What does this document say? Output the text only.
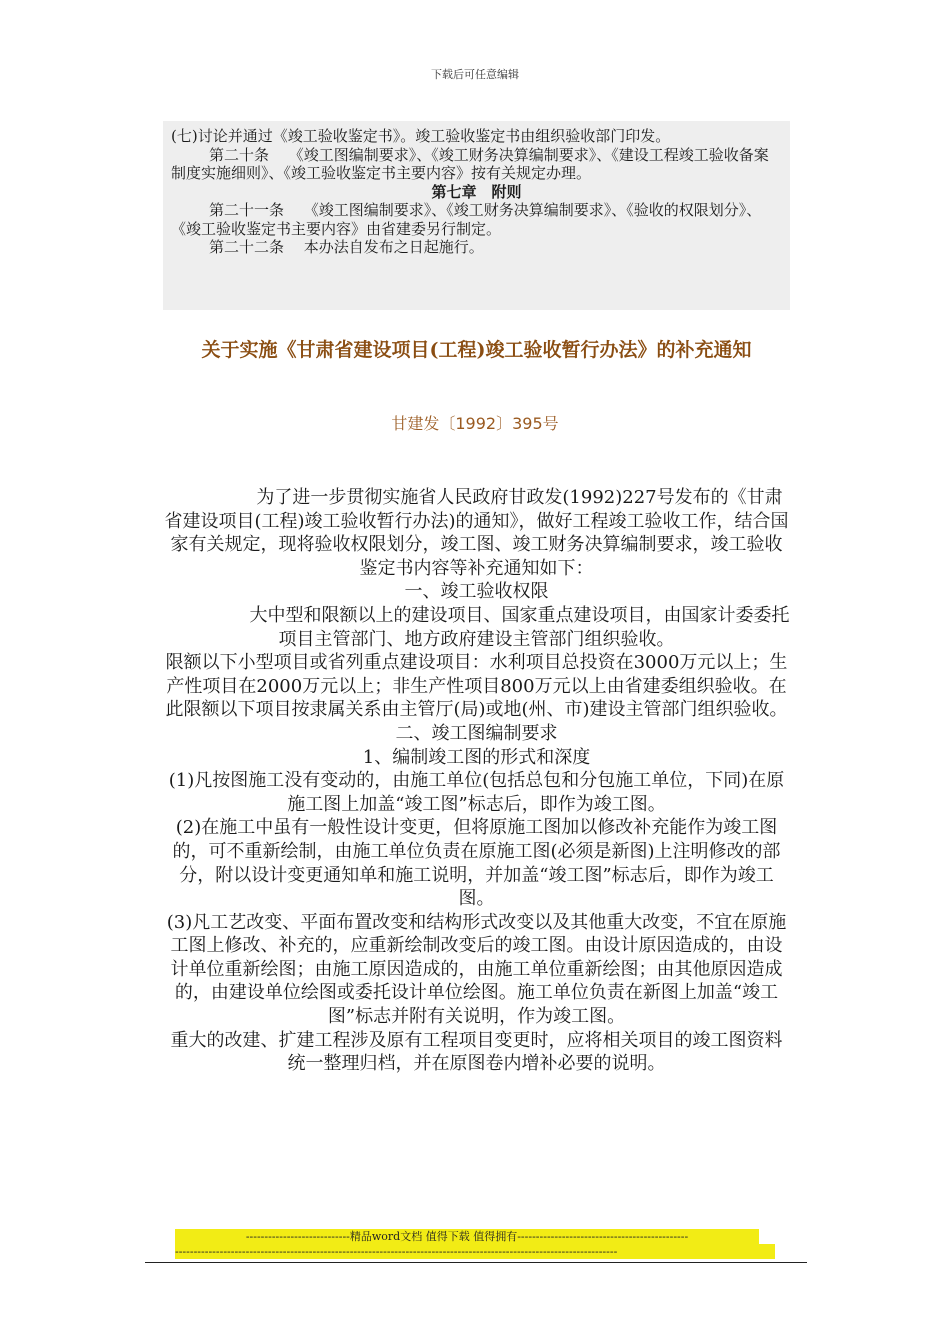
下载后可任意编辑

(七)讨论并通过《竣工验收鉴定书》。竣工验收鉴定书由组织验收部门印发。

第二十条　 《竣工图编制要求》、《竣工财务决算编制要求》、《建设工程竣工验收备案制度实施细则》、《竣工验收鉴定书主要内容》按有关规定办理。

第七章　附则

第二十一条　 《竣工图编制要求》、《竣工财务决算编制要求》、《验收的权限划分》、《竣工验收鉴定书主要内容》由省建委另行制定。

第二十二条　 本办法自发布之日起施行。

关于实施《甘肃省建设项目(工程)竣工验收暂行办法》的补充通知
甘建发〔1992〕395号

为了进一步贯彻实施省人民政府甘政发(1992)227号发布的《甘肃省建设项目(工程)竣工验收暂行办法)的通知》，做好工程竣工验收工作，结合国家有关规定，现将验收权限划分，竣工图、竣工财务决算编制要求，竣工验收鉴定书内容等补充通知如下：

一、竣工验收权限

大中型和限额以上的建设项目、国家重点建设项目，由国家计委委托项目主管部门、地方政府建设主管部门组织验收。

限额以下小型项目或省列重点建设项目：水利项目总投资在3000万元以上；生产性项目在2000万元以上；非生产性项目800万元以上由省建委组织验收。在此限额以下项目按隶属关系由主管厅(局)或地(州、市)建设主管部门组织验收。

二、竣工图编制要求

1、编制竣工图的形式和深度

(1)凡按图施工没有变动的，由施工单位(包括总包和分包施工单位，下同)在原施工图上加盖“竣工图”标志后，即作为竣工图。

(2)在施工中虽有一般性设计变更，但将原施工图加以修改补充能作为竣工图的，可不重新绘制，由施工单位负责在原施工图(必须是新图)上注明修改的部分，附以设计变更通知单和施工说明，并加盖“竣工图”标志后，即作为竣工图。

(3)凡工艺改变、平面布置改变和结构形式改变以及其他重大改变，不宜在原施工图上修改、补充的，应重新绘制改变后的竣工图。由设计原因造成的，由设计单位重新绘图；由施工原因造成的，由施工单位重新绘图；由其他原因造成的，由建设单位绘图或委托设计单位绘图。施工单位负责在新图上加盖“竣工图”标志并附有关说明，作为竣工图。

重大的改建、扩建工程涉及原有工程项目变更时，应将相关项目的竣工图资料统一整理归档，并在原图卷内增补必要的说明。

----------------------------精品word文档 值得下载 值得拥有----------------------------------------------
-----------------------------------------------------------------------------------------------------------------------
